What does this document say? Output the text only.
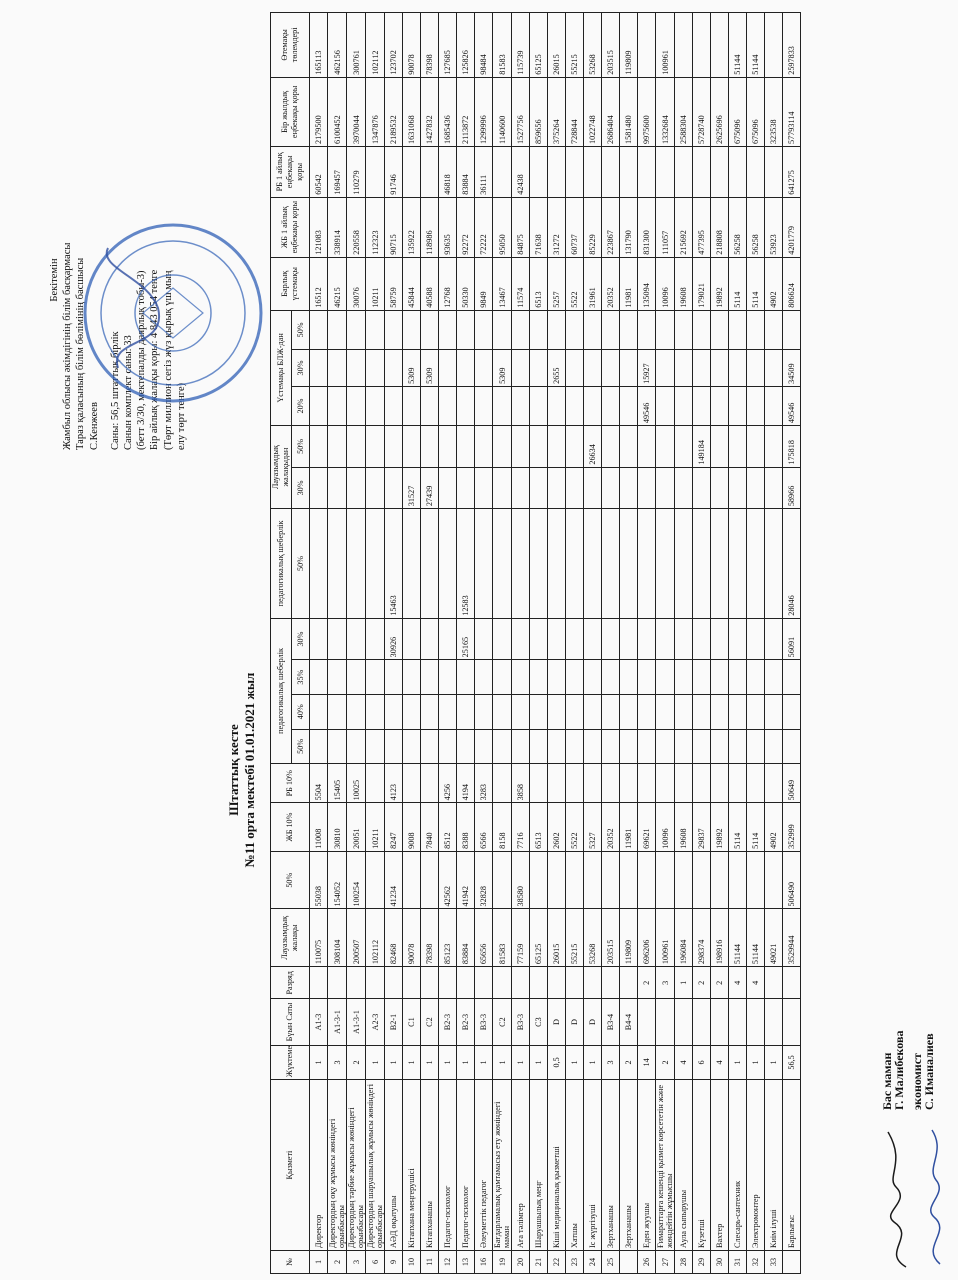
Бекітемін Жамбыл облысы әкімдігінің білім басқармасы Тараз қаласының білім бөлімінің басшысы С.Кенжеев Саны: 56,5 штаттық бірлік Санын комплект саны: 33 (бетт 3/30, мектепалды даярлық тобы-3) Бір айлық жалақы қоры: 4 843 054 тенге (Төрт миллион сегіз жүз қырық үш мың елу төрт тенге)
Штаттық кесте №11 орта мектебі 01.01.2021 жыл
№	Қызметі	Жүктеме	Бүын Саты	Разряд	Лауазымдық жалақы	50%	ЖБ 10%	РБ 10%	педагогикалық шеберлік				педагогикалық шеберлік	Лауазымдық жалақыдан		Үстемақы БЛЖ-дан			Барлық үстемақы	ЖБ 1 айлық еңбекақы қоры	РБ 1 айлық еңбекақы қоры	Бір жылдық еңбекақы қоры	Өтемақы төлемдері
									50%	40%	35%	30%	50%	30%	50%	20%	30%	50%					
1	Директор	1	A1-3		110075	55038	11008	5504											16512	121083	60542	2179500	165113
2	Директордың оқу жұмысы жөніндегі орынбасары	3	A1-3-1		308104	154052	30810	15405											46215	338914	169457	6100452	462156
3	Директордың тәрбие жұмысы жөніндегі орынбасары	2	A1-3-1		200507	100254	20051	10025											30076	220558	110279	3970044	300761
6	Директордың шаруашылық жұмысы жөніндегі орынбасары	1	A2-3		102112		10211												10211	112323		1347876	102112
9	АӘД оқытушы	1	B2-1		82468	41234	8247	4123				30926	15463						58759	90715	91746	2189532	123702
10	Кітапхана меңгерушісі	1	C1		90078		9008							31527			5309		45844	135922		1631068	90078
11	Кітапханашы	1	C2		78398		7840							27439			5309		40588	118986		1427832	78398
12	Педагог-психолог	1	B2-3		85123	42562	8512	4256											12768	93635	46818	1685436	127685
13	Педагог-психолог	1	B2-3		83884	41942	8388	4194				25165	12583						50330	92272	83884	2113872	125826
16	Әлеуметтік педагог	1	B3-3		65656	32828	6566	3283											9849	72222	36111	1299996	98484
19	Бағдарламалық қамтамасыз ету жөніндегі маман	1	C2		81583		8158										5309		13467	95050		1140600	81583
20	Аға тәлімгер	1	B3-3		77159	38580	7716	3858											11574	84875	42438	1527756	115739
21	Шаруашылық меңг	1	C3		65125		6513												6513	71638		859656	65125
22	Кіші медициналық қызметші	0,5	D		26015		2602										2655		5257	31272		375264	26015
23	Хатшы	1	D		55215		5522												5522	60737		728844	55215
24	Іс жүргізуші	1	D		53268		5327								26634				31961	85229		1022748	53268
25	Зертханашы	3	B3-4		203515		20352												20352	223867		2686404	203515
	Зертханашы	2	B4-4		119809		11981												11981	131790		1581480	119809
26	Еден жуушы	14		2	696206		69621									49546	15927		135094	831300		9975600	
27	Ғимараттарға кешенді қызмет көрсететін және жөндейтін жұмысшы	2		3	100961		10096												10096	111057		1332684	100961
28	Аула сыпырушы	4		1	196084		19608												19608	215692		2588304	
29	Күзетші	6		2	298374		29837								149184				179021	477395		5728740	
30	Вахтер	4		2	198916		19892												19892	218808		2625696	
31	Слесарь-сантехник	1		4	51144		5114												5114	56258		675096	51144
32	Электромонтер	1		4	51144		5114												5114	56258		675096	51144
33	Киім ілуші	1			49021		4902												4902	53923		323538	
	Барлығы:	56,5			3529944	506490	352999	50649				56091	28046	58966	175818	49546	34509		806624	4201779	641275	57793114	2597833
Бас маман
Г. Малибекова экономист
С. Иманалиев
